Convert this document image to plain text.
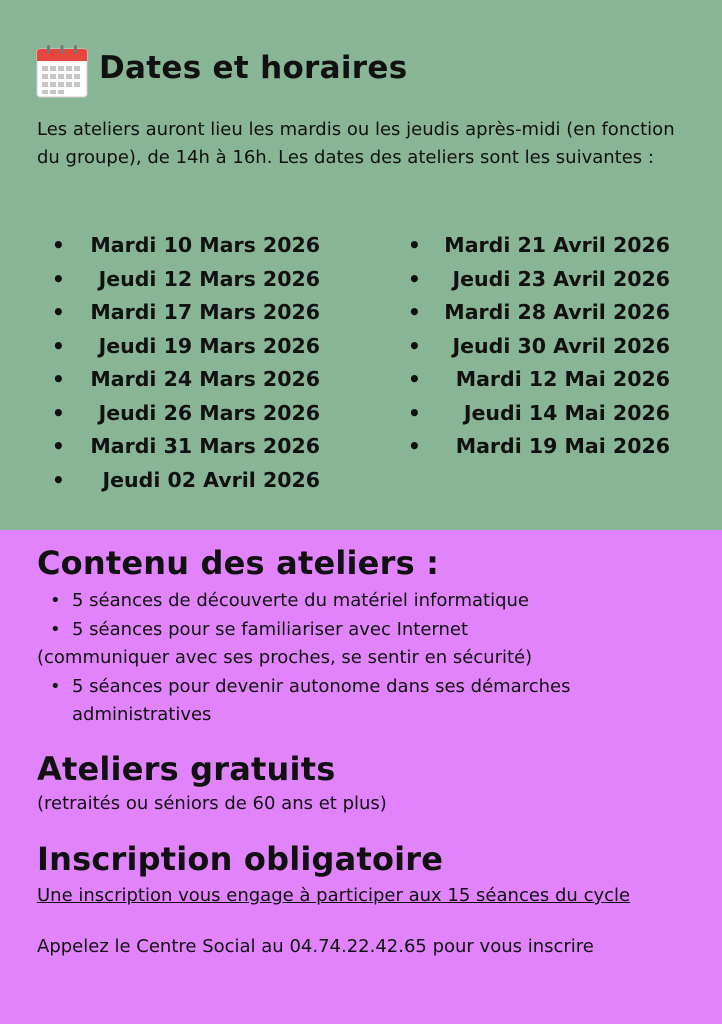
Dates et horaires

Les ateliers auront lieu les mardis ou les jeudis après-midi (en fonction du groupe), de 14h à 16h. Les dates des ateliers sont les suivantes :

• Mardi 10 Mars 2026
• Jeudi 12 Mars 2026
• Mardi 17 Mars 2026
• Jeudi 19 Mars 2026
• Mardi 24 Mars 2026
• Jeudi 26 Mars 2026
• Mardi 31 Mars 2026
• Jeudi 02 Avril 2026
• Mardi 21 Avril 2026
• Jeudi 23 Avril 2026
• Mardi 28 Avril 2026
• Jeudi 30 Avril 2026
• Mardi 12 Mai 2026
• Jeudi 14 Mai 2026
• Mardi 19 Mai 2026
Contenu des ateliers :
• 5 séances de découverte du matériel informatique
• 5 séances pour se familiariser avec Internet
(communiquer avec ses proches, se sentir en sécurité)
• 5 séances pour devenir autonome dans ses démarches
administratives
Ateliers gratuits
(retraités ou séniors de 60 ans et plus)
Inscription obligatoire
Une inscription vous engage à participer aux 15 séances du cycle
Appelez le Centre Social au 04.74.22.42.65 pour vous inscrire
